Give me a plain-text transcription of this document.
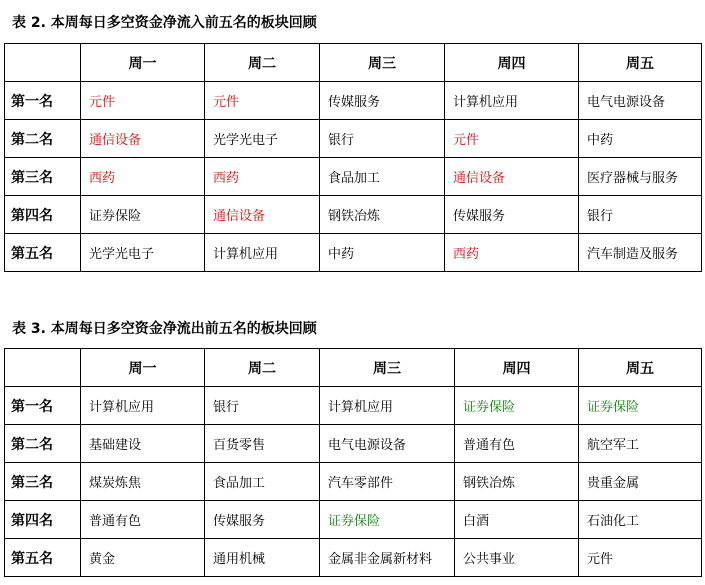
表 2. 本周每日多空资金净流入前五名的板块回顾
	周一	周二	周三	周四	周五
第一名	元件	元件	传媒服务	计算机应用	电气电源设备
第二名	通信设备	光学光电子	银行	元件	中药
第三名	西药	西药	食品加工	通信设备	医疗器械与服务
第四名	证券保险	通信设备	钢铁冶炼	传媒服务	银行
第五名	光学光电子	计算机应用	中药	西药	汽车制造及服务
表 3. 本周每日多空资金净流出前五名的板块回顾
	周一	周二	周三	周四	周五
第一名	计算机应用	银行	计算机应用	证券保险	证券保险
第二名	基础建设	百货零售	电气电源设备	普通有色	航空军工
第三名	煤炭炼焦	食品加工	汽车零部件	钢铁冶炼	贵重金属
第四名	普通有色	传媒服务	证券保险	白酒	石油化工
第五名	黄金	通用机械	金属非金属新材料	公共事业	元件
